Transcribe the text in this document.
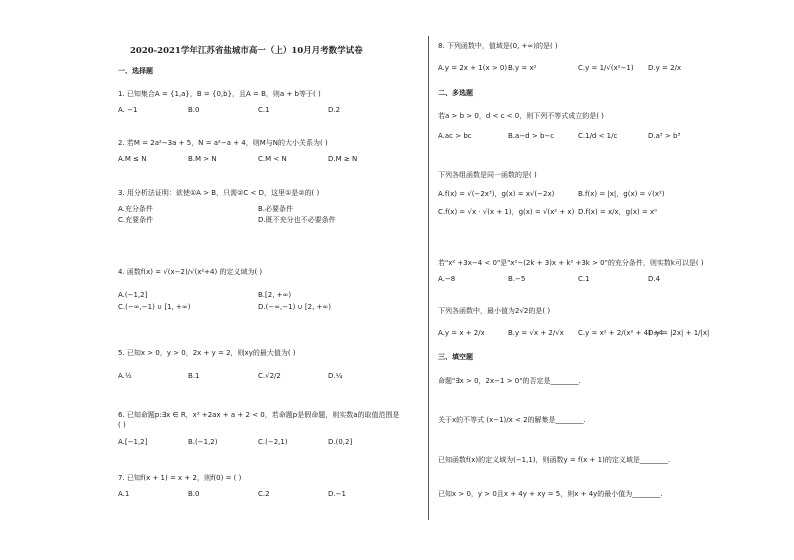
2020-2021学年江苏省盐城市高一（上）10月月考数学试卷
一、选择题
1. 已知集合A = {1,a}，B = {0,b}，且A = B，则a + b等于( )
A. −1	B.0	C.1	D.2
2. 若M = 2a²−3a + 5，N = a²−a + 4，则M与N的大小关系为( )
A.M ≤ N	B.M > N	C.M < N	D.M ≥ N
3. 用分析法证明：欲使①A > B，只需②C < D，这里①是②的( )
A.充分条件	B.必要条件
C.充要条件	D.既不充分也不必要条件
4. 函数f(x) = √(x−2)/√(x²+4) 的定义域为( )
A.(−1,2]	B.[2, +∞)
C.(−∞,−1) ∪ [1, +∞)	D.(−∞,−1) ∪ [2, +∞)
5. 已知x > 0，y > 0，2x + y = 2，则xy的最大值为( )
A.½	B.1	C.√2/2	D.¼
6. 已知命题p:∃x ∈ R，x² +2ax + a + 2 < 0，若命题p是假命题，则实数a的取值范围是
( )
A.[−1,2]	B.(−1,2)	C.(−2,1)	D.(0,2]
7. 已知f(x + 1) = x + 2，则f(0) = ( )
A.1	B.0	C.2	D.−1
8. 下列函数中，值域是(0, +∞)的是( )
A.y = 2x + 1(x > 0) B.y = x²	C.y = 1/√(x²−1) D.y = 2/x
二、多选题
若a > b > 0，d < c < 0，则下列不等式成立的是( )
A.ac > bc	B.a−d > b−c	C.1/d < 1/c	D.a³ > b³
下列各组函数是同一函数的是( )
A.f(x) = √(−2x³)，g(x) = x√(−2x)	B.f(x) = |x|，g(x) = √(x²)
C.f(x) = √x · √(x + 1)，g(x) = √(x² + x) D.f(x) = x/x，g(x) = x⁰
若"x² +3x−4 < 0"是"x²−(2k + 3)x + k² +3k > 0"的充分条件，则实数k可以是( )
A.−8	B.−5	C.1	D.4
下列各函数中，最小值为2√2的是( )
A.y = x + 2/x	B.y = √x + 2/√x C.y = x² + 2/(x² + 4) +4
D.y = |2x| + 1/|x|
三、填空题
命题"∃x > 0，2x−1 > 0"的否定是________.
关于x的不等式 (x−1)/x < 2的解集是________.
已知函数f(x)的定义域为(−1,1)，则函数y = f(x + 1)的定义域是________.
已知x > 0，y > 0且x + 4y + xy = 5，则x + 4y的最小值为________.
